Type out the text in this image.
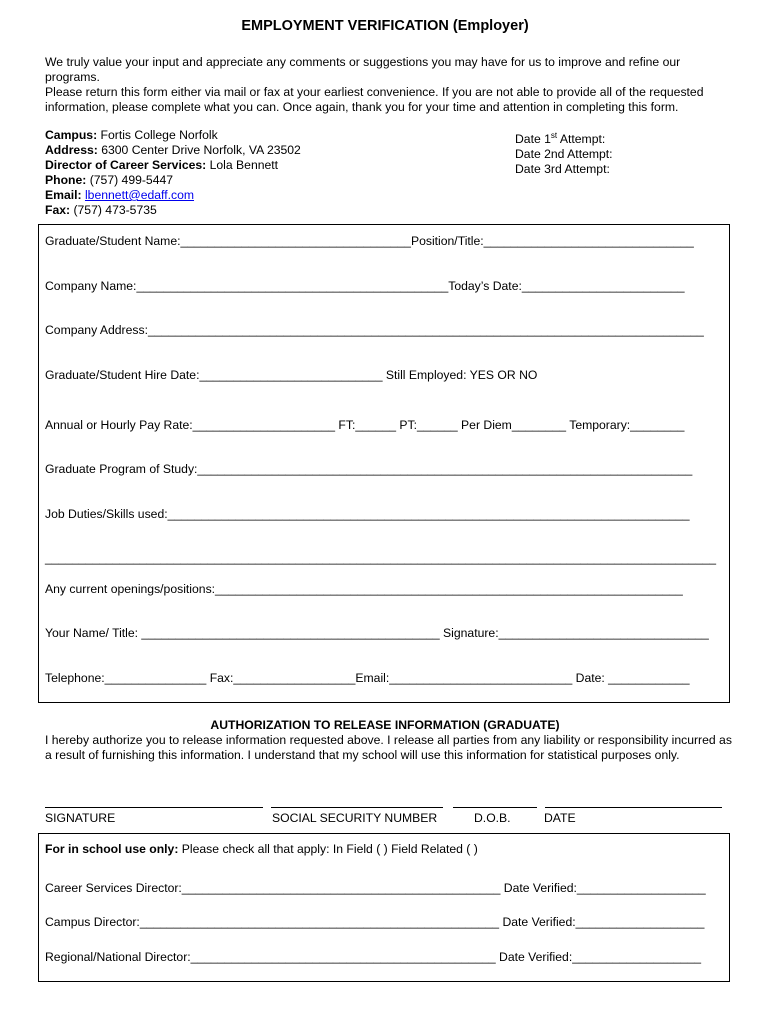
EMPLOYMENT VERIFICATION (Employer)

We truly value your input and appreciate any comments or suggestions you may have for us to improve and refine our programs.

Please return this form either via mail or fax at your earliest convenience. If you are not able to provide all of the requested information, please complete what you can. Once again, thank you for your time and attention in completing this form.

Campus: Fortis College Norfolk
Address: 6300 Center Drive Norfolk, VA 23502
Director of Career Services: Lola Bennett
Phone: (757) 499-5447
Email: lbennett@edaff.com
Fax: (757) 473-5735
Date 1st Attempt:
Date 2nd Attempt:
Date 3rd Attempt:
Graduate/Student Name:__________________________________Position/Title:_______________________________
Company Name:______________________________________________Today’s Date:________________________
Company Address:__________________________________________________________________________________
Graduate/Student Hire Date:___________________________ Still Employed: YES OR NO
Annual or Hourly Pay Rate:_____________________ FT:______ PT:______ Per Diem________ Temporary:________
Graduate Program of Study:_________________________________________________________________________
Job Duties/Skills used:_____________________________________________________________________________
___________________________________________________________________________________________________
Any current openings/positions:_____________________________________________________________________
Your Name/ Title: ____________________________________________ Signature:_______________________________
Telephone:_______________ Fax:__________________Email:___________________________ Date: ____________
AUTHORIZATION TO RELEASE INFORMATION (GRADUATE)
I hereby authorize you to release information requested above. I release all parties from any liability or responsibility incurred as a result of furnishing this information. I understand that my school will use this information for statistical purposes only.
SIGNATURE	SOCIAL SECURITY NUMBER	D.O.B.	DATE
For in school use only: Please check all that apply: In Field ( ) Field Related ( )
Career Services Director:_______________________________________________ Date Verified:___________________
Campus Director:_____________________________________________________ Date Verified:___________________
Regional/National Director:_____________________________________________ Date Verified:___________________
